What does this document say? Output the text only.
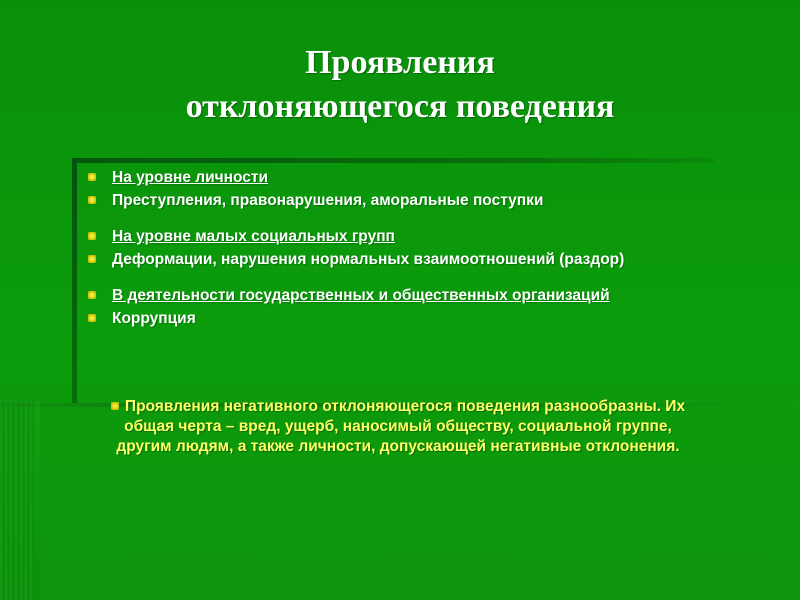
Проявления
отклоняющегося поведения
На уровне личности
Преступления, правонарушения, аморальные поступки
На уровне малых социальных групп
Деформации, нарушения нормальных взаимоотношений (раздор)
В деятельности государственных и общественных организаций
Коррупция
Проявления негативного отклоняющегося поведения разнообразны. Их общая черта – вред, ущерб, наносимый обществу, социальной группе, другим людям, а также личности, допускающей негативные отклонения.
